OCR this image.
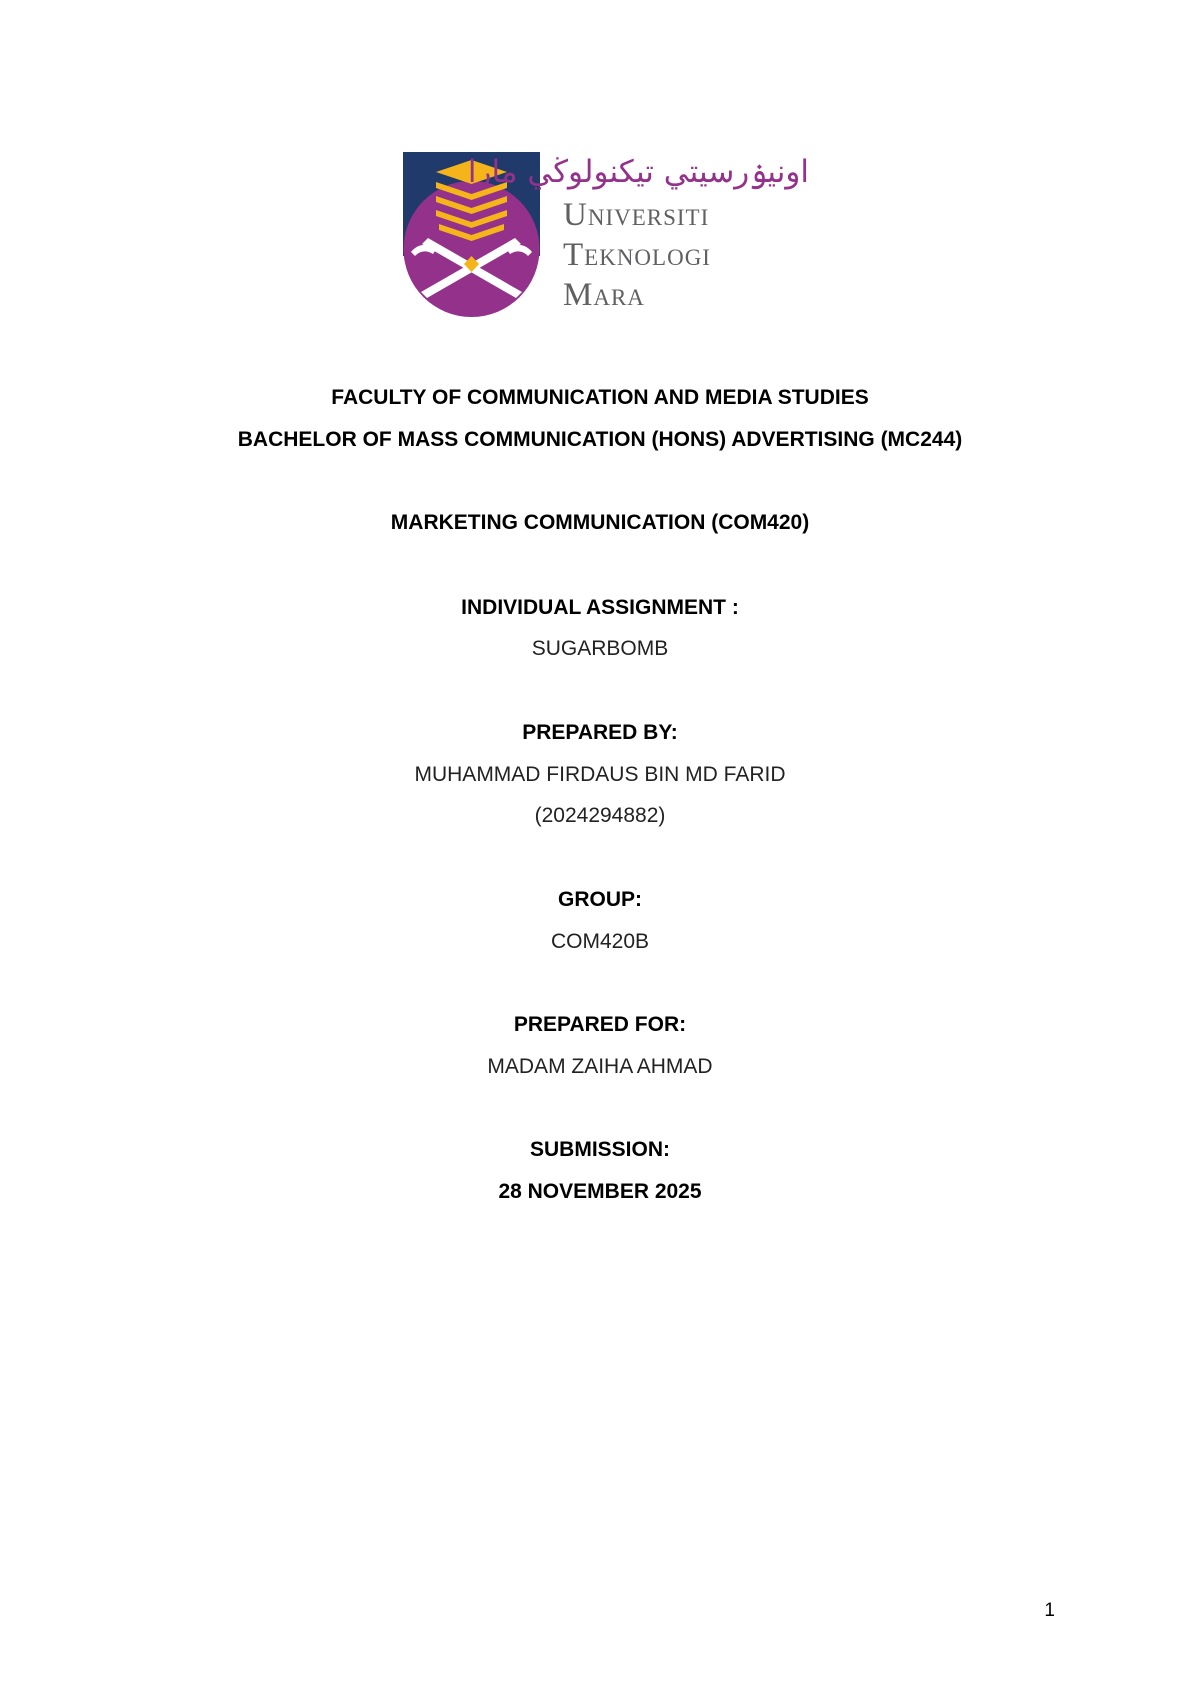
اونيۏرسيتي تيكنولوڬي مارا
Universiti
Teknologi
Mara
FACULTY OF COMMUNICATION AND MEDIA STUDIES
BACHELOR OF MASS COMMUNICATION (HONS) ADVERTISING (MC244)
MARKETING COMMUNICATION (COM420)
INDIVIDUAL ASSIGNMENT :
SUGARBOMB
PREPARED BY:
MUHAMMAD FIRDAUS BIN MD FARID
(2024294882)
GROUP:
COM420B
PREPARED FOR:
MADAM ZAIHA AHMAD
SUBMISSION:
28 NOVEMBER 2025
1
